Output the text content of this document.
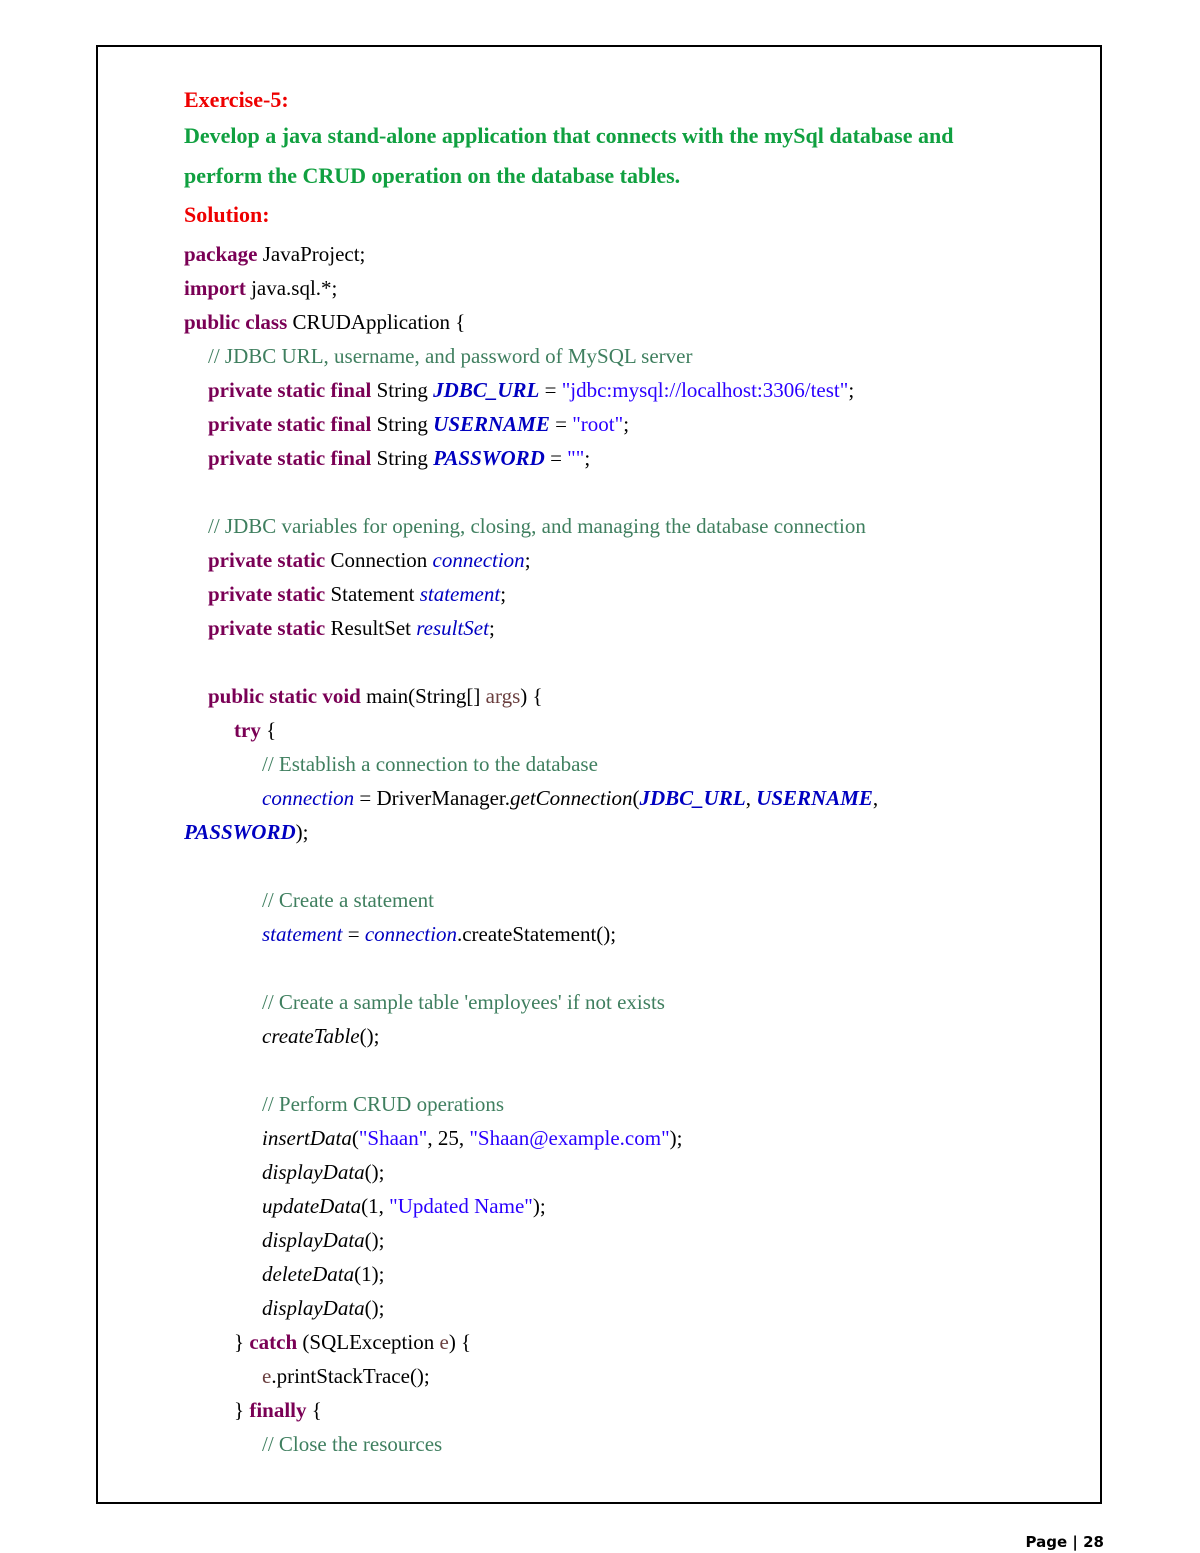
Exercise-5:
Develop a java stand-alone application that connects with the mySql database and
perform the CRUD operation on the database tables.
Solution:
package JavaProject;
import java.sql.*;
public class CRUDApplication {
// JDBC URL, username, and password of MySQL server
private static final String JDBC_URL = "jdbc:mysql://localhost:3306/test";
private static final String USERNAME = "root";
private static final String PASSWORD = "";
// JDBC variables for opening, closing, and managing the database connection
private static Connection connection;
private static Statement statement;
private static ResultSet resultSet;
public static void main(String[] args) {
try {
// Establish a connection to the database
connection = DriverManager.getConnection(JDBC_URL, USERNAME,
PASSWORD);
// Create a statement
statement = connection.createStatement();
// Create a sample table 'employees' if not exists
createTable();
// Perform CRUD operations
insertData("Shaan", 25, "Shaan@example.com");
displayData();
updateData(1, "Updated Name");
displayData();
deleteData(1);
displayData();
} catch (SQLException e) {
e.printStackTrace();
} finally {
// Close the resources
Page | 28
